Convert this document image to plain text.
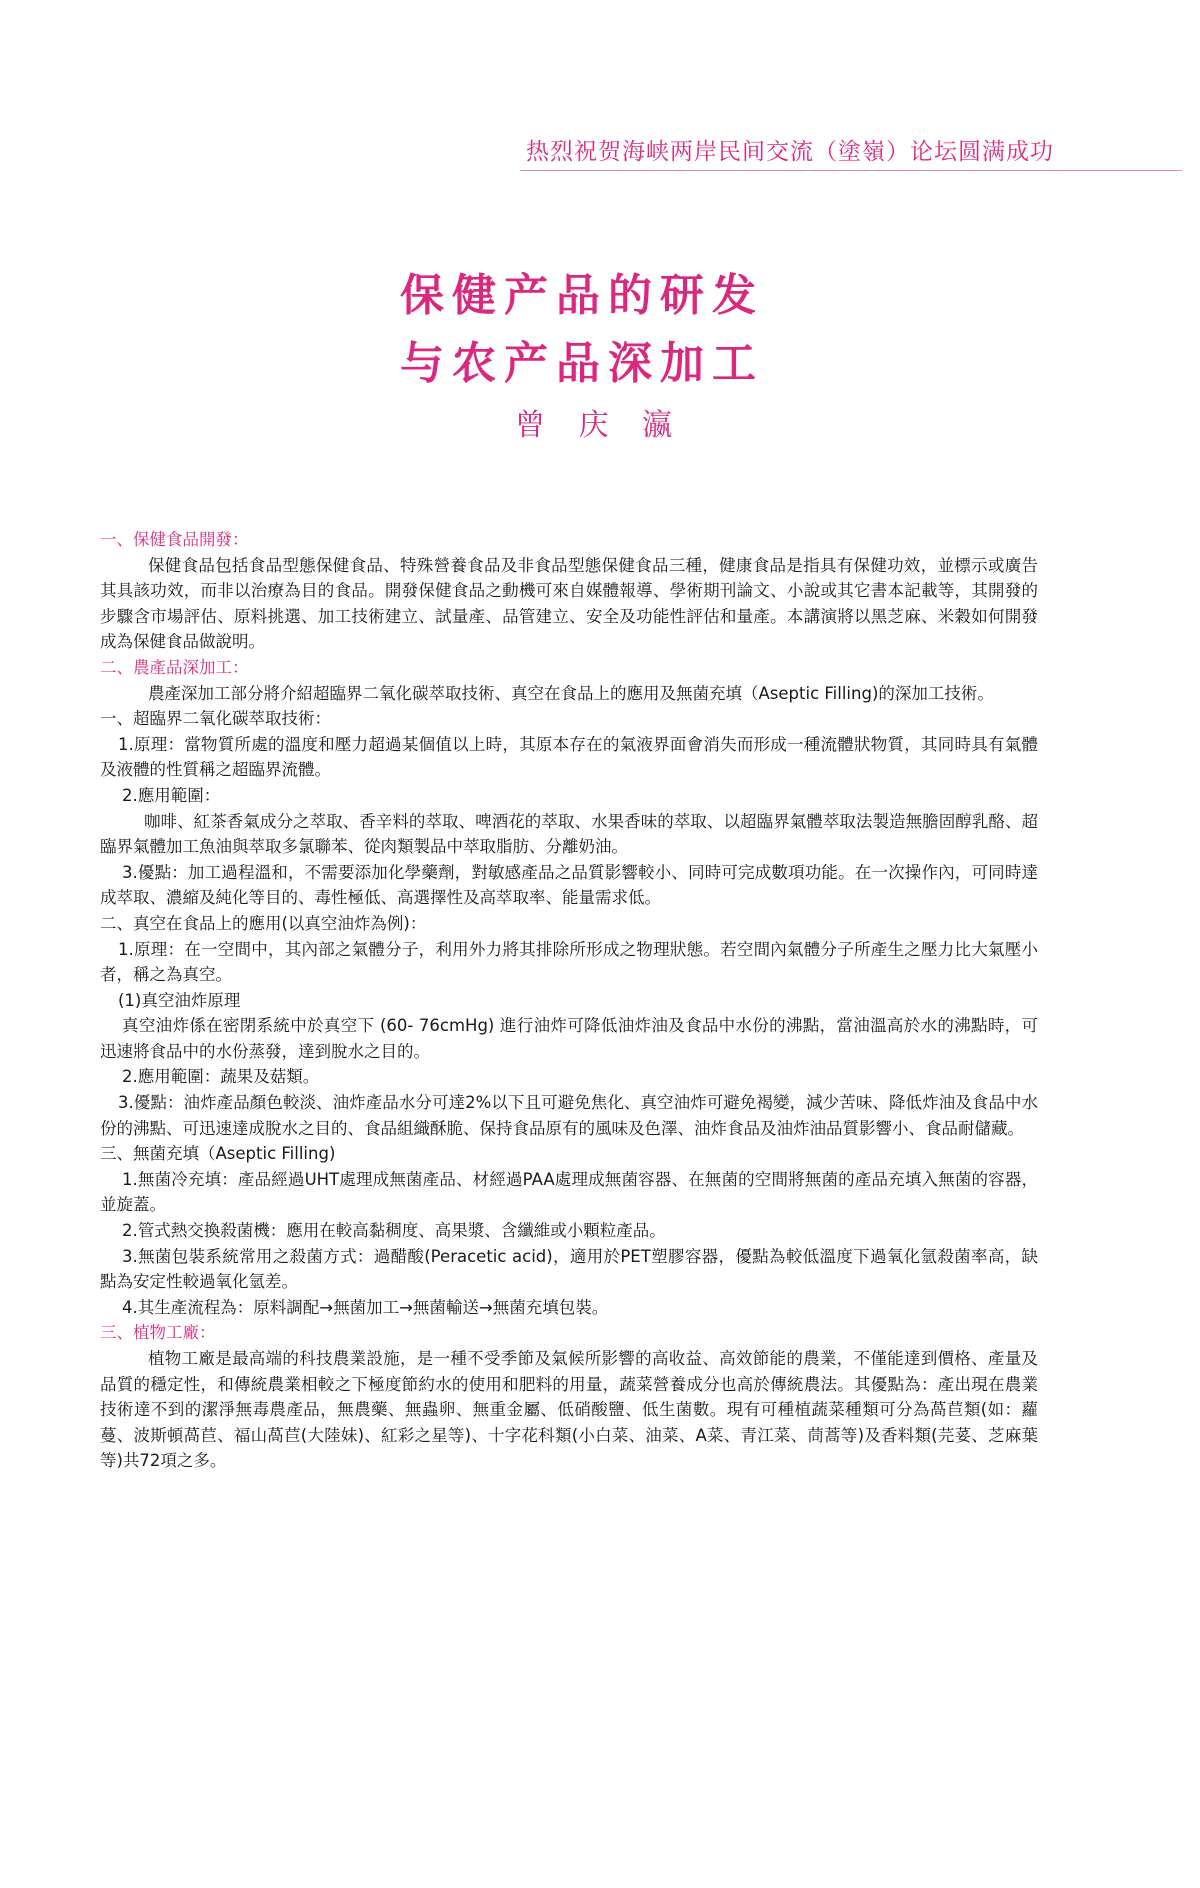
热烈祝贺海峡两岸民间交流（塗嶺）论坛圆满成功
保健产品的研发
与农产品深加工
曾 庆 瀛

一、保健食品開發：

保健食品包括食品型態保健食品、特殊營養食品及非食品型態保健食品三種，健康食品是指具有保健功效，並標示或廣告其具該功效，而非以治療為目的食品。開發保健食品之動機可來自媒體報導、學術期刊論文、小說或其它書本記載等，其開發的步驟含市場評估、原料挑選、加工技術建立、試量產、品管建立、安全及功能性評估和量產。本講演將以黑芝麻、米穀如何開發成為保健食品做說明。

二、農產品深加工：

農產深加工部分將介紹超臨界二氧化碳萃取技術、真空在食品上的應用及無菌充填（Aseptic Filling)的深加工技術。

一、超臨界二氧化碳萃取技術：

1.原理：當物質所處的溫度和壓力超過某個值以上時，其原本存在的氣液界面會消失而形成一種流體狀物質，其同時具有氣體及液體的性質稱之超臨界流體。

2.應用範圍：

咖啡、紅茶香氣成分之萃取、香辛料的萃取、啤酒花的萃取、水果香味的萃取、以超臨界氣體萃取法製造無膽固醇乳酪、超臨界氣體加工魚油與萃取多氯聯苯、從肉類製品中萃取脂肪、分離奶油。

3.優點：加工過程溫和，不需要添加化學藥劑，對敏感產品之品質影響較小、同時可完成數項功能。在一次操作內，可同時達成萃取、濃縮及純化等目的、毒性極低、高選擇性及高萃取率、能量需求低。

二、真空在食品上的應用(以真空油炸為例)：

1.原理：在一空間中，其內部之氣體分子，利用外力將其排除所形成之物理狀態。若空間內氣體分子所產生之壓力比大氣壓小者，稱之為真空。

(1)真空油炸原理

真空油炸係在密閉系統中於真空下 (60- 76cmHg) 進行油炸可降低油炸油及食品中水份的沸點，當油溫高於水的沸點時，可迅速將食品中的水份蒸發，達到脫水之目的。

2.應用範圍：蔬果及菇類。

3.優點：油炸產品顏色較淡、油炸產品水分可達2%以下且可避免焦化、真空油炸可避免褐變，減少苦味、降低炸油及食品中水份的沸點、可迅速達成脫水之目的、食品組織酥脆、保持食品原有的風味及色澤、油炸食品及油炸油品質影響小、食品耐儲藏。

三、無菌充填（Aseptic Filling)

1.無菌冷充填：產品經過UHT處理成無菌產品、材經過PAA處理成無菌容器、在無菌的空間將無菌的產品充填入無菌的容器，並旋蓋。

2.管式熱交換殺菌機：應用在較高黏稠度、高果漿、含纖維或小顆粒產品。

3.無菌包裝系統常用之殺菌方式：過醋酸(Peracetic acid)，適用於PET塑膠容器，優點為較低溫度下過氧化氫殺菌率高，缺點為安定性較過氧化氫差。

4.其生產流程為：原料調配→無菌加工→無菌輸送→無菌充填包裝。

三、植物工廠：

植物工廠是最高端的科技農業設施，是一種不受季節及氣候所影響的高收益、高效節能的農業，不僅能達到價格、產量及品質的穩定性，和傳統農業相較之下極度節約水的使用和肥料的用量，蔬菜營養成分也高於傳統農法。其優點為：產出現在農業技術達不到的潔淨無毒農產品，無農藥、無蟲卵、無重金屬、低硝酸鹽、低生菌數。現有可種植蔬菜種類可分為萵苣類(如：蘿蔓、波斯頓萵苣、福山萵苣(大陸妹)、紅彩之星等)、十字花科類(小白菜、油菜、A菜、青江菜、茼蒿等)及香料類(芫荽、芝麻葉等)共72項之多。
